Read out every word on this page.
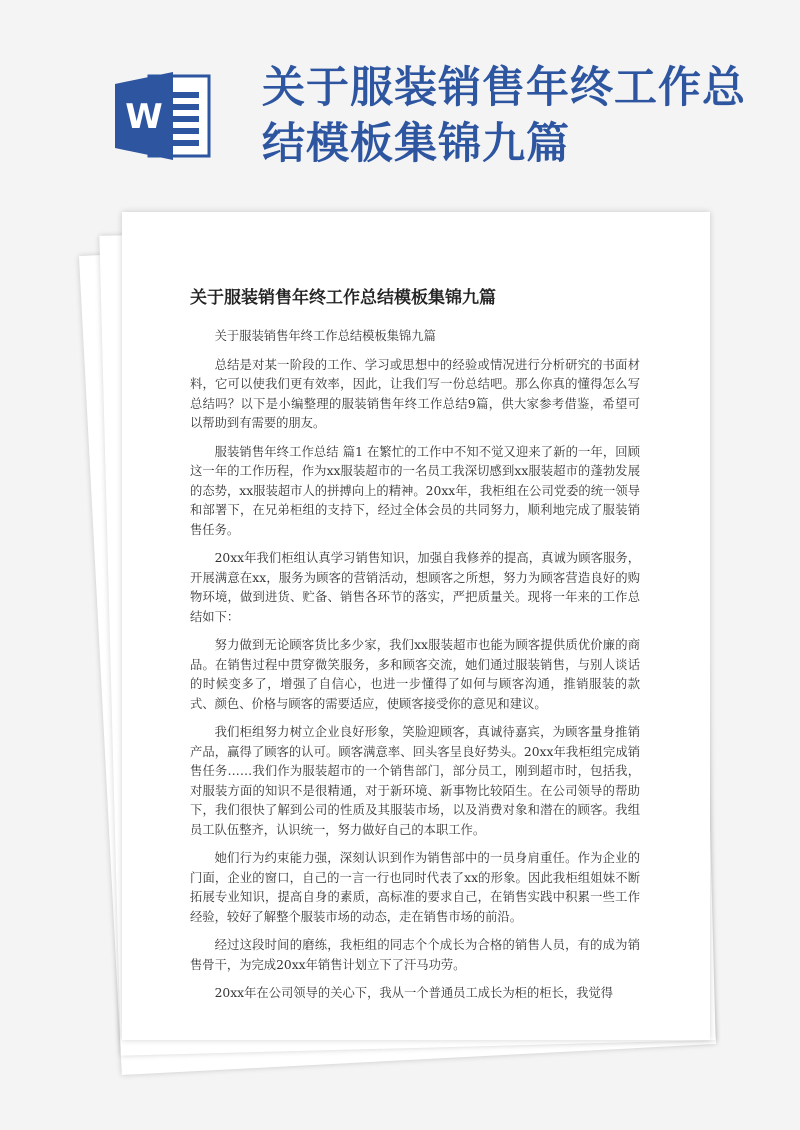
W
关于服装销售年终工作总结模板集锦九篇
关于服装销售年终工作总结模板集锦九篇

关于服装销售年终工作总结模板集锦九篇

总结是对某一阶段的工作、学习或思想中的经验或情况进行分析研究的书面材料，它可以使我们更有效率，因此，让我们写一份总结吧。那么你真的懂得怎么写总结吗？以下是小编整理的服装销售年终工作总结9篇，供大家参考借鉴，希望可以帮助到有需要的朋友。

服装销售年终工作总结 篇1 在繁忙的工作中不知不觉又迎来了新的一年，回顾这一年的工作历程，作为xx服装超市的一名员工我深切感到xx服装超市的蓬勃发展的态势，xx服装超市人的拼搏向上的精神。20xx年，我柜组在公司党委的统一领导和部署下，在兄弟柜组的支持下，经过全体会员的共同努力，顺利地完成了服装销售任务。

20xx年我们柜组认真学习销售知识，加强自我修养的提高，真诚为顾客服务，开展满意在xx，服务为顾客的营销活动，想顾客之所想，努力为顾客营造良好的购物环境，做到进货、贮备、销售各环节的落实，严把质量关。现将一年来的工作总结如下：

努力做到无论顾客货比多少家，我们xx服装超市也能为顾客提供质优价廉的商品。在销售过程中贯穿微笑服务，多和顾客交流，她们通过服装销售，与别人谈话的时候变多了，增强了自信心，也进一步懂得了如何与顾客沟通，推销服装的款式、颜色、价格与顾客的需要适应，使顾客接受你的意见和建议。

我们柜组努力树立企业良好形象，笑脸迎顾客，真诚待嘉宾，为顾客量身推销产品，赢得了顾客的认可。顾客满意率、回头客呈良好势头。20xx年我柜组完成销售任务……我们作为服装超市的一个销售部门，部分员工，刚到超市时，包括我，对服装方面的知识不是很精通，对于新环境、新事物比较陌生。在公司领导的帮助下，我们很快了解到公司的性质及其服装市场，以及消费对象和潜在的顾客。我组员工队伍整齐，认识统一，努力做好自己的本职工作。

她们行为约束能力强，深刻认识到作为销售部中的一员身肩重任。作为企业的门面，企业的窗口，自己的一言一行也同时代表了xx的形象。因此我柜组姐妹不断拓展专业知识，提高自身的素质，高标准的要求自己，在销售实践中积累一些工作经验，较好了解整个服装市场的动态，走在销售市场的前沿。

经过这段时间的磨练，我柜组的同志个个成长为合格的销售人员，有的成为销售骨干，为完成20xx年销售计划立下了汗马功劳。

20xx年在公司领导的关心下，我从一个普通员工成长为柜的柜长，我觉得
